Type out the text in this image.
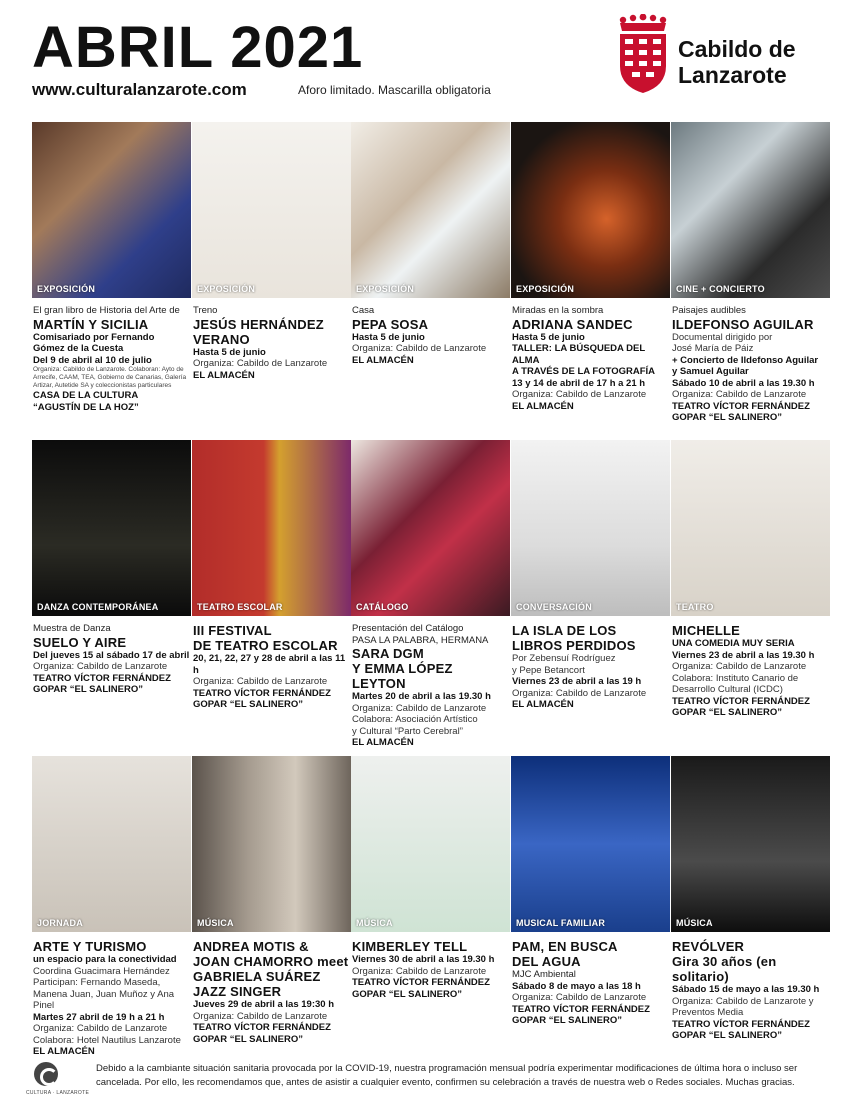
ABRIL 2021
www.culturalanzarote.com	Aforo limitado. Mascarilla obligatoria
Cabildo de
Lanzarote
EXPOSICIÓN
El gran libro de Historia del Arte de
MARTÍN Y SICILIA
Comisariado por Fernando
Gómez de la Cuesta
Del 9 de abril al 10 de julio
Organiza: Cabildo de Lanzarote. Colaboran: Ayto de Arrecife, CAAM, TEA, Gobierno de Canarias, Galería Artizar, Autetide SA y coleccionistas particulares
CASA DE LA CULTURA
“AGUSTÍN DE LA HOZ”
EXPOSICIÓN
Treno
JESÚS HERNÁNDEZ
VERANO
Hasta 5 de junio
Organiza: Cabildo de Lanzarote
EL ALMACÉN
EXPOSICIÓN
Casa
PEPA SOSA
Hasta 5 de junio
Organiza: Cabildo de Lanzarote
EL ALMACÉN
EXPOSICIÓN
Miradas en la sombra
ADRIANA SANDEC
Hasta 5 de junio
TALLER: LA BÚSQUEDA DEL ALMA
A TRAVÉS DE LA FOTOGRAFÍA
13 y 14 de abril de 17 h a 21 h
Organiza: Cabildo de Lanzarote
EL ALMACÉN
CINE + CONCIERTO
Paisajes audibles
ILDEFONSO AGUILAR
Documental dirigido por
José María de Páiz
+ Concierto de Ildefonso Aguilar
y Samuel Aguilar
Sábado 10 de abril a las 19.30 h
Organiza: Cabildo de Lanzarote
TEATRO VÍCTOR FERNÁNDEZ
GOPAR “EL SALINERO”
DANZA CONTEMPORÁNEA
Muestra de Danza
SUELO Y AIRE
Del jueves 15 al sábado 17 de abril
Organiza: Cabildo de Lanzarote
TEATRO VÍCTOR FERNÁNDEZ
GOPAR “EL SALINERO”
TEATRO ESCOLAR
III FESTIVAL
DE TEATRO ESCOLAR
20, 21, 22, 27 y 28 de abril a las 11 h
Organiza: Cabildo de Lanzarote
TEATRO VÍCTOR FERNÁNDEZ
GOPAR “EL SALINERO”
CATÁLOGO
Presentación del Catálogo
PASA LA PALABRA, HERMANA
SARA DGM
Y EMMA LÓPEZ LEYTON
Martes 20 de abril a las 19.30 h
Organiza: Cabildo de Lanzarote
Colabora: Asociación Artístico
y Cultural “Parto Cerebral”
EL ALMACÉN
CONVERSACIÓN
LA ISLA DE LOS
LIBROS PERDIDOS
Por Zebensuí Rodríguez
y Pepe Betancort
Viernes 23 de abril a las 19 h
Organiza: Cabildo de Lanzarote
EL ALMACÉN
TEATRO
MICHELLE
UNA COMEDIA MUY SERIA
Viernes 23 de abril a las 19.30 h
Organiza: Cabildo de Lanzarote
Colabora: Instituto Canario de
Desarrollo Cultural (ICDC)
TEATRO VÍCTOR FERNÁNDEZ
GOPAR “EL SALINERO”
JORNADA
ARTE Y TURISMO
un espacio para la conectividad
Coordina Guacimara Hernández
Participan: Fernando Maseda,
Manena Juan, Juan Muñoz y Ana Pinel
Martes 27 abril de 19 h a 21 h
Organiza: Cabildo de Lanzarote
Colabora: Hotel Nautilus Lanzarote
EL ALMACÉN
MÚSICA
ANDREA MOTIS &
JOAN CHAMORRO meet
GABRIELA SUÁREZ
JAZZ SINGER
Jueves 29 de abril a las 19:30 h
Organiza: Cabildo de Lanzarote
TEATRO VÍCTOR FERNÁNDEZ
GOPAR “EL SALINERO”
MÚSICA
KIMBERLEY TELL
Viernes 30 de abril a las 19.30 h
Organiza: Cabildo de Lanzarote
TEATRO VÍCTOR FERNÁNDEZ
GOPAR “EL SALINERO”
MUSICAL FAMILIAR
PAM, EN BUSCA
DEL AGUA
MJC Ambiental
Sábado 8 de mayo a las 18 h
Organiza: Cabildo de Lanzarote
TEATRO VÍCTOR FERNÁNDEZ
GOPAR “EL SALINERO”
MÚSICA
REVÓLVER
Gira 30 años (en solitario)
Sábado 15 de mayo a las 19.30 h
Organiza: Cabildo de Lanzarote y
Preventos Media
TEATRO VÍCTOR FERNÁNDEZ
GOPAR “EL SALINERO”
CULTURA · LANZAROTE
Debido a la cambiante situación sanitaria provocada por la COVID-19, nuestra programación mensual podría experimentar modificaciones de última hora o incluso ser cancelada. Por ello, les recomendamos que, antes de asistir a cualquier evento, confirmen su celebración a través de nuestra web o Redes sociales. Muchas gracias.
